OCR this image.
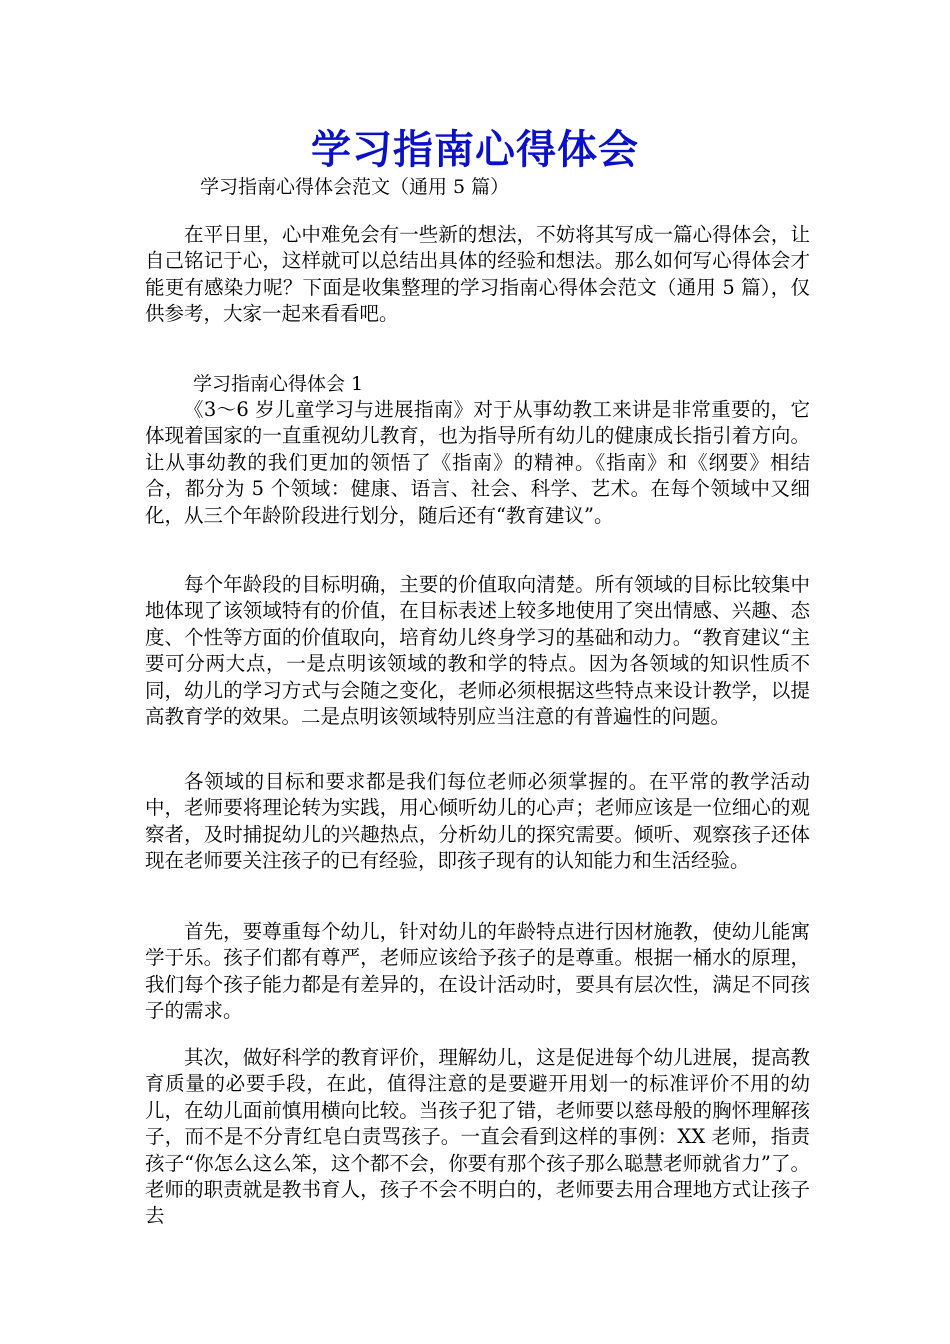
学习指南心得体会
学习指南心得体会范文（通用 5 篇）
在平日里，心中难免会有一些新的想法，不妨将其写成一篇心得体会，让自己铭记于心，这样就可以总结出具体的经验和想法。那么如何写心得体会才能更有感染力呢？下面是收集整理的学习指南心得体会范文（通用 5 篇），仅供参考，大家一起来看看吧。
学习指南心得体会 1
《3～6 岁儿童学习与进展指南》对于从事幼教工来讲是非常重要的，它体现着国家的一直重视幼儿教育，也为指导所有幼儿的健康成长指引着方向。让从事幼教的我们更加的领悟了《指南》的精神。《指南》和《纲要》相结合，都分为 5 个领域：健康、语言、社会、科学、艺术。在每个领域中又细化，从三个年龄阶段进行划分，随后还有“教育建议”。
每个年龄段的目标明确，主要的价值取向清楚。所有领域的目标比较集中地体现了该领域特有的价值，在目标表述上较多地使用了突出情感、兴趣、态度、个性等方面的价值取向，培育幼儿终身学习的基础和动力。“教育建议“主要可分两大点，一是点明该领域的教和学的特点。因为各领域的知识性质不同，幼儿的学习方式与会随之变化，老师必须根据这些特点来设计教学，以提高教育学的效果。二是点明该领域特别应当注意的有普遍性的问题。
各领域的目标和要求都是我们每位老师必须掌握的。在平常的教学活动中，老师要将理论转为实践，用心倾听幼儿的心声；老师应该是一位细心的观察者，及时捕捉幼儿的兴趣热点，分析幼儿的探究需要。倾听、观察孩子还体现在老师要关注孩子的已有经验，即孩子现有的认知能力和生活经验。
首先，要尊重每个幼儿，针对幼儿的年龄特点进行因材施教，使幼儿能寓学于乐。孩子们都有尊严，老师应该给予孩子的是尊重。根据一桶水的原理，我们每个孩子能力都是有差异的，在设计活动时，要具有层次性，满足不同孩子的需求。
其次，做好科学的教育评价，理解幼儿，这是促进每个幼儿进展，提高教育质量的必要手段，在此，值得注意的是要避开用划一的标准评价不用的幼儿，在幼儿面前慎用横向比较。当孩子犯了错，老师要以慈母般的胸怀理解孩子，而不是不分青红皂白责骂孩子。一直会看到这样的事例：XX 老师，指责孩子“你怎么这么笨，这个都不会，你要有那个孩子那么聪慧老师就省力”了。老师的职责就是教书育人，孩子不会不明白的，老师要去用合理地方式让孩子去
